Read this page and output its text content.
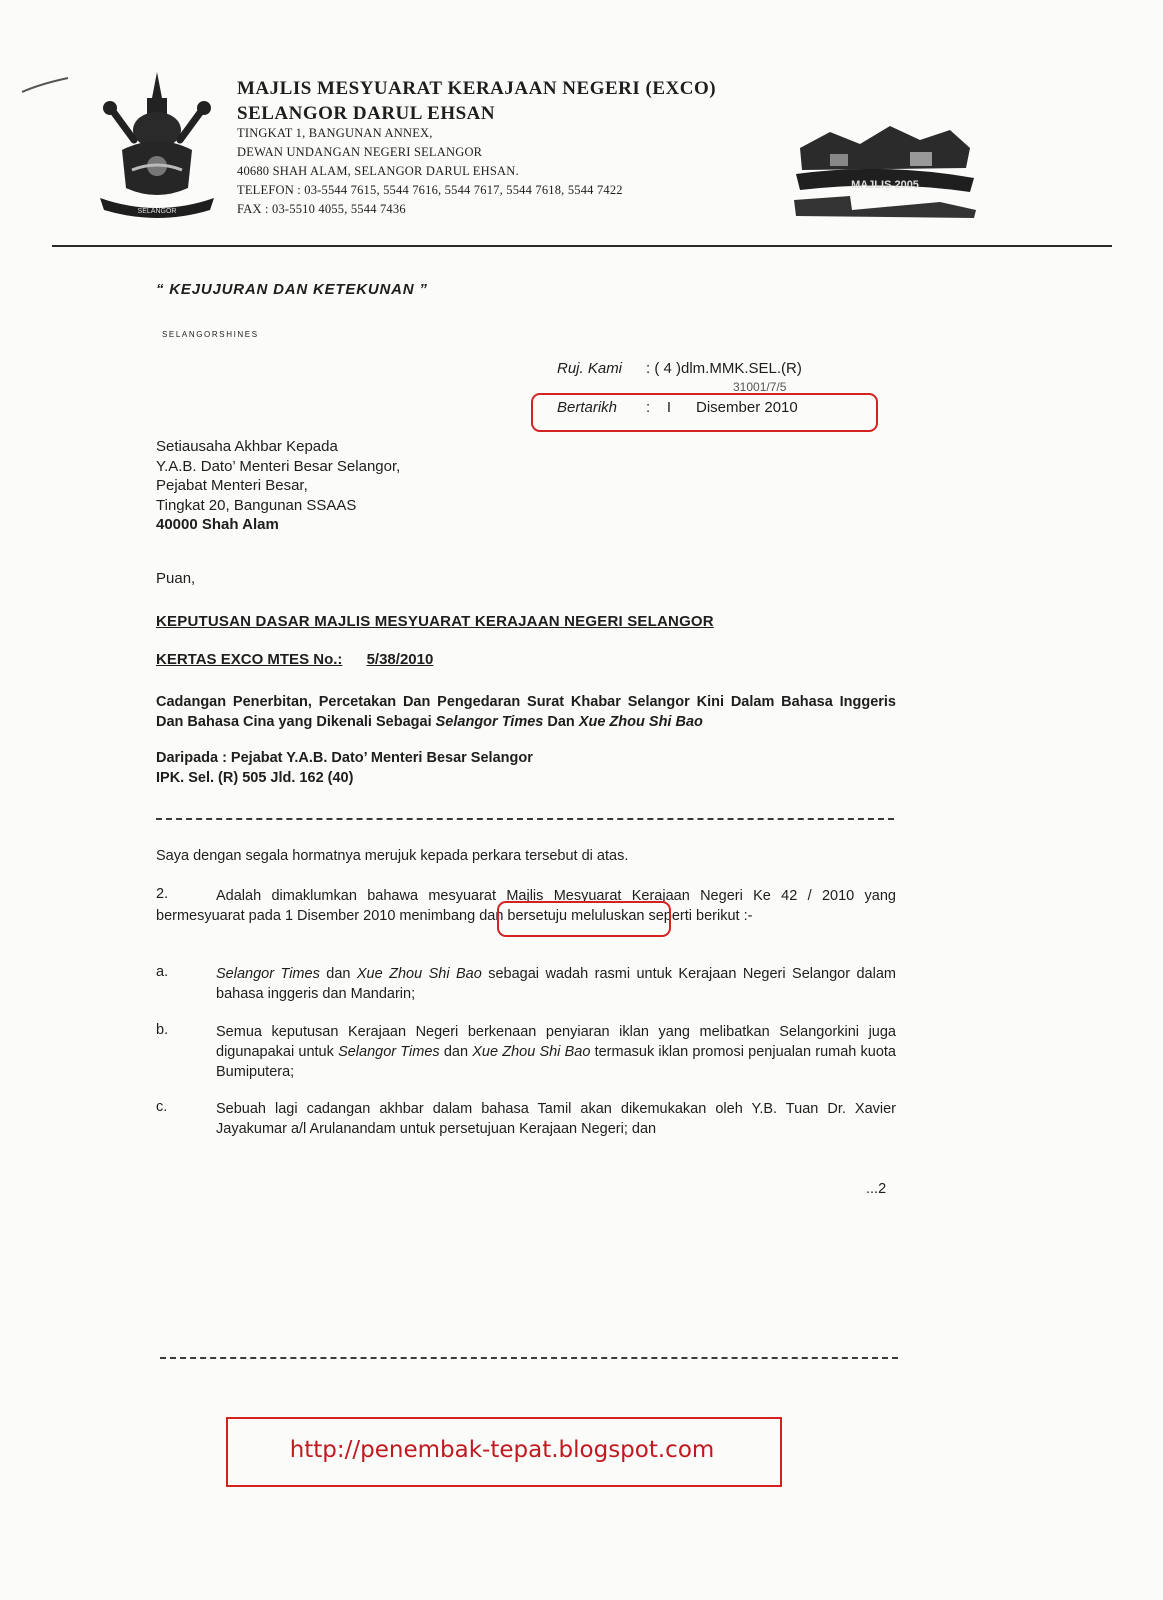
SELANGOR
MAJLIS MESYUARAT KERAJAAN NEGERI (EXCO)
SELANGOR DARUL EHSAN
TINGKAT 1, BANGUNAN ANNEX,
DEWAN UNDANGAN NEGERI SELANGOR
40680 SHAH ALAM, SELANGOR DARUL EHSAN.
TELEFON : 03-5544 7615, 5544 7616, 5544 7617, 5544 7618, 5544 7422
FAX : 03-5510 4055, 5544 7436
MAJLIS 2005
“ KEJUJURAN DAN KETEKUNAN ”
SELANGORSHINES
Ruj. Kami : ( 4 )dlm.MMK.SEL.(R)
31001/7/5
Bertarikh :    I      Disember 2010
Setiausaha Akhbar Kepada
Y.A.B. Dato’ Menteri Besar Selangor,
Pejabat Menteri Besar,
Tingkat 20, Bangunan SSAAS
40000 Shah Alam
Puan,
KEPUTUSAN DASAR MAJLIS MESYUARAT KERAJAAN NEGERI SELANGOR
KERTAS EXCO MTES No.: 5/38/2010
Cadangan Penerbitan, Percetakan Dan Pengedaran Surat Khabar Selangor Kini Dalam Bahasa Inggeris Dan Bahasa Cina yang Dikenali Sebagai Selangor Times Dan Xue Zhou Shi Bao
Daripada : Pejabat Y.A.B. Dato’ Menteri Besar Selangor
IPK. Sel. (R) 505 Jld. 162 (40)
Saya dengan segala hormatnya merujuk kepada perkara tersebut di atas.
2.	Adalah dimaklumkan bahawa mesyuarat Majlis Mesyuarat Kerajaan Negeri Ke 42 / 2010 yang bermesyuarat pada 1 Disember 2010 menimbang dan bersetuju meluluskan seperti berikut :-
a.	Selangor Times dan Xue Zhou Shi Bao sebagai wadah rasmi untuk Kerajaan Negeri Selangor dalam bahasa inggeris dan Mandarin;
b.	Semua keputusan Kerajaan Negeri berkenaan penyiaran iklan yang melibatkan Selangorkini juga digunapakai untuk Selangor Times dan Xue Zhou Shi Bao termasuk iklan promosi penjualan rumah kuota Bumiputera;
c.	Sebuah lagi cadangan akhbar dalam bahasa Tamil akan dikemukakan oleh Y.B. Tuan Dr. Xavier Jayakumar a/l Arulanandam untuk persetujuan Kerajaan Negeri; dan
...2
http://penembak-tepat.blogspot.com
